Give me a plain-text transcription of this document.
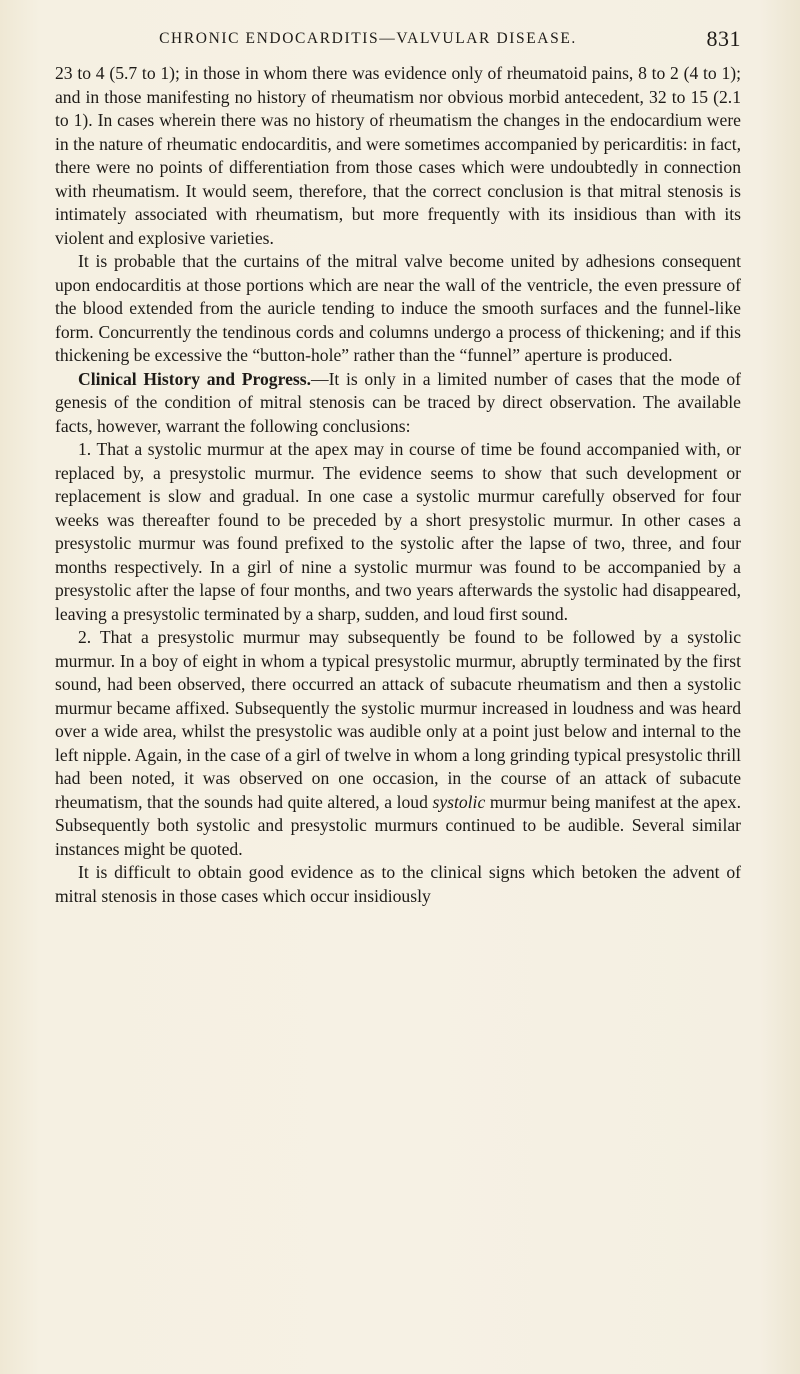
CHRONIC ENDOCARDITIS—VALVULAR DISEASE.	831

23 to 4 (5.7 to 1); in those in whom there was evidence only of rheumatoid pains, 8 to 2 (4 to 1); and in those manifesting no history of rheumatism nor obvious morbid antecedent, 32 to 15 (2.1 to 1). In cases wherein there was no history of rheumatism the changes in the endocardium were in the nature of rheumatic endocarditis, and were sometimes accompanied by pericarditis: in fact, there were no points of differentiation from those cases which were undoubtedly in connection with rheumatism. It would seem, therefore, that the correct conclusion is that mitral stenosis is intimately associated with rheumatism, but more frequently with its insidious than with its violent and explosive varieties.

It is probable that the curtains of the mitral valve become united by adhesions consequent upon endocarditis at those portions which are near the wall of the ventricle, the even pressure of the blood extended from the auricle tending to induce the smooth surfaces and the funnel-like form. Concurrently the tendinous cords and columns undergo a process of thickening; and if this thickening be excessive the “button-hole” rather than the “funnel” aperture is produced.

Clinical History and Progress.—It is only in a limited number of cases that the mode of genesis of the condition of mitral stenosis can be traced by direct observation. The available facts, however, warrant the following conclusions:

1. That a systolic murmur at the apex may in course of time be found accompanied with, or replaced by, a presystolic murmur. The evidence seems to show that such development or replacement is slow and gradual. In one case a systolic murmur carefully observed for four weeks was thereafter found to be preceded by a short presystolic murmur. In other cases a presystolic murmur was found prefixed to the systolic after the lapse of two, three, and four months respectively. In a girl of nine a systolic murmur was found to be accompanied by a presystolic after the lapse of four months, and two years afterwards the systolic had disappeared, leaving a presystolic terminated by a sharp, sudden, and loud first sound.

2. That a presystolic murmur may subsequently be found to be followed by a systolic murmur. In a boy of eight in whom a typical presystolic murmur, abruptly terminated by the first sound, had been observed, there occurred an attack of subacute rheumatism and then a systolic murmur became affixed. Subsequently the systolic murmur increased in loudness and was heard over a wide area, whilst the presystolic was audible only at a point just below and internal to the left nipple. Again, in the case of a girl of twelve in whom a long grinding typical presystolic thrill had been noted, it was observed on one occasion, in the course of an attack of subacute rheumatism, that the sounds had quite altered, a loud systolic murmur being manifest at the apex. Subsequently both systolic and presystolic murmurs continued to be audible. Several similar instances might be quoted.

It is difficult to obtain good evidence as to the clinical signs which betoken the advent of mitral stenosis in those cases which occur insidiously
